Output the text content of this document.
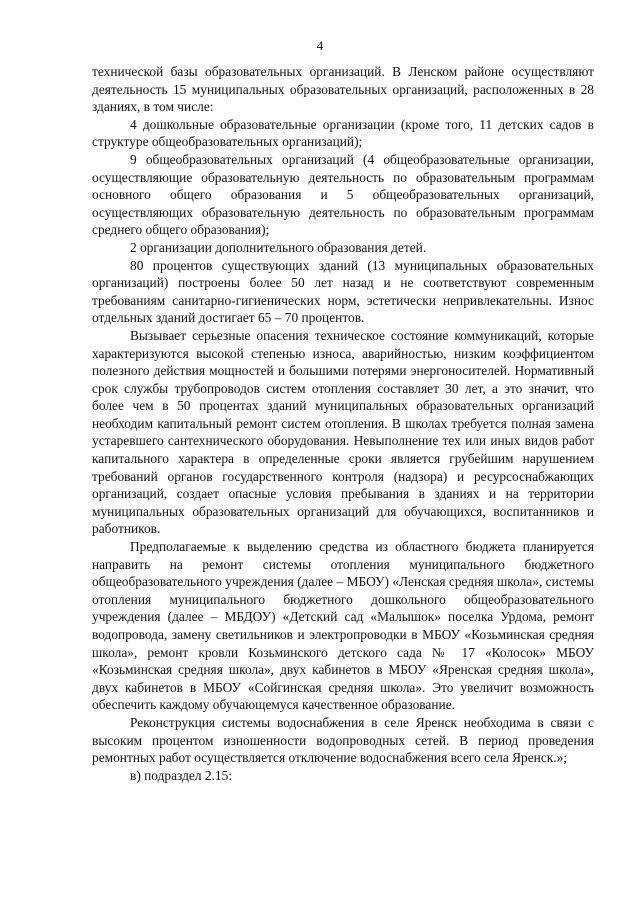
4

технической базы образовательных организаций. В Ленском районе осуществляют деятельность 15 муниципальных образовательных организаций, расположенных в 28 зданиях, в том числе:

4 дошкольные образовательные организации (кроме того, 11 детских садов в структуре общеобразовательных организаций);

9 общеобразовательных организаций (4 общеобразовательные организации, осуществляющие образовательную деятельность по образовательным программам основного общего образования и 5 общеобразовательных организаций, осуществляющих образовательную деятельность по образовательным программам среднего общего образования);

2 организации дополнительного образования детей.

80 процентов существующих зданий (13 муниципальных образовательных организаций) построены более 50 лет назад и не соответствуют современным требованиям санитарно-гигиенических норм, эстетически непривлекательны. Износ отдельных зданий достигает 65 – 70 процентов.

Вызывает серьезные опасения техническое состояние коммуникаций, которые характеризуются высокой степенью износа, аварийностью, низким коэффициентом полезного действия мощностей и большими потерями энергоносителей. Нормативный срок службы трубопроводов систем отопления составляет 30 лет, а это значит, что более чем в 50 процентах зданий муниципальных образовательных организаций необходим капитальный ремонт систем отопления. В школах требуется полная замена устаревшего сантехнического оборудования. Невыполнение тех или иных видов работ капитального характера в определенные сроки является грубейшим нарушением требований органов государственного контроля (надзора) и ресурсоснабжающих организаций, создает опасные условия пребывания в зданиях и на территории муниципальных образовательных организаций для обучающихся, воспитанников и работников.

Предполагаемые к выделению средства из областного бюджета планируется направить на ремонт системы отопления муниципального бюджетного общеобразовательного учреждения (далее – МБОУ) «Ленская средняя школа», системы отопления муниципального бюджетного дошкольного общеобразовательного учреждения (далее – МБДОУ) «Детский сад «Малышок» поселка Урдома, ремонт водопровода, замену светильников и электропроводки в МБОУ «Козьминская средняя школа», ремонт кровли Козьминского детского сада № 17 «Колосок» МБОУ «Козьминская средняя школа», двух кабинетов в МБОУ «Яренская средняя школа», двух кабинетов в МБОУ «Сойгинская средняя школа». Это увеличит возможность обеспечить каждому обучающемуся качественное образование.

Реконструкция системы водоснабжения в селе Яренск необходима в связи с высоким процентом изношенности водопроводных сетей. В период проведения ремонтных работ осуществляется отключение водоснабжения всего села Яренск.»;

в) подраздел 2.15:
